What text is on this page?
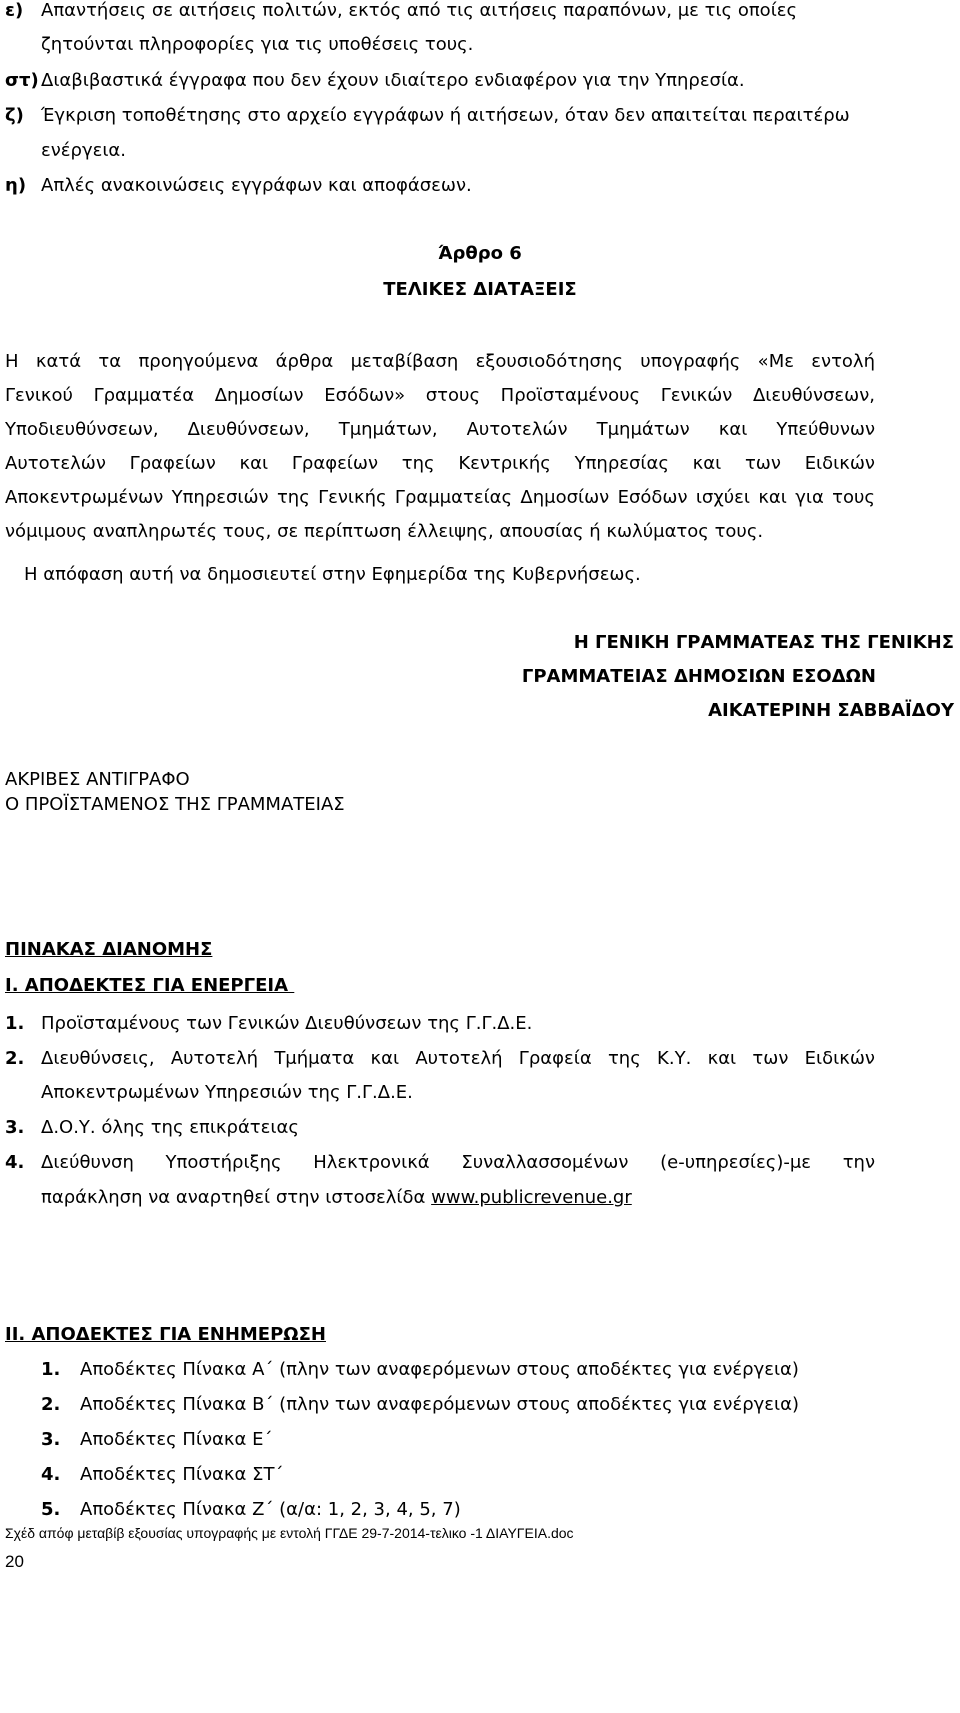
ε) Απαντήσεις σε αιτήσεις πολιτών, εκτός από τις αιτήσεις παραπόνων, με τις οποίες
ζητούνται πληροφορίες για τις υποθέσεις τους.
στ) Διαβιβαστικά έγγραφα που δεν έχουν ιδιαίτερο ενδιαφέρον για την Υπηρεσία.
ζ) Έγκριση τοποθέτησης στο αρχείο εγγράφων ή αιτήσεων, όταν δεν απαιτείται περαιτέρω
ενέργεια.
η) Απλές ανακοινώσεις εγγράφων και αποφάσεων.
Άρθρο 6
ΤΕΛΙΚΕΣ ΔΙΑΤΑΞΕΙΣ
Η κατά τα προηγούμενα άρθρα μεταβίβαση εξουσιοδότησης υπογραφής «Με εντολή
Γενικού Γραμματέα Δημοσίων Εσόδων» στους Προϊσταμένους Γενικών Διευθύνσεων,
Υποδιευθύνσεων, Διευθύνσεων, Τμημάτων, Αυτοτελών Τμημάτων και Υπεύθυνων
Αυτοτελών Γραφείων και Γραφείων της Κεντρικής Υπηρεσίας και των Ειδικών
Αποκεντρωμένων Υπηρεσιών της Γενικής Γραμματείας Δημοσίων Εσόδων ισχύει και για τους
νόμιμους αναπληρωτές τους, σε περίπτωση έλλειψης, απουσίας ή κωλύματος τους.
Η απόφαση αυτή να δημοσιευτεί στην Εφημερίδα της Κυβερνήσεως.
Η ΓΕΝΙΚΗ ΓΡΑΜΜΑΤΕΑΣ ΤΗΣ ΓΕΝΙΚΗΣ
ΓΡΑΜΜΑΤΕΙΑΣ ΔΗΜΟΣΙΩΝ ΕΣΟΔΩΝ
ΑΙΚΑΤΕΡΙΝΗ ΣΑΒΒΑΪΔΟΥ
ΑΚΡΙΒΕΣ ΑΝΤΙΓΡΑΦΟ
Ο ΠΡΟΪΣΤΑΜΕΝΟΣ ΤΗΣ ΓΡΑΜΜΑΤΕΙΑΣ
ΠΙΝΑΚΑΣ ΔΙΑΝΟΜΗΣ
Ι. ΑΠΟΔΕΚΤΕΣ ΓΙΑ ΕΝΕΡΓΕΙΑ
1. Προϊσταμένους των Γενικών Διευθύνσεων της Γ.Γ.Δ.Ε.
2. Διευθύνσεις, Αυτοτελή Τμήματα και Αυτοτελή Γραφεία της Κ.Υ. και των Ειδικών
Αποκεντρωμένων Υπηρεσιών της Γ.Γ.Δ.Ε.
3. Δ.Ο.Υ. όλης της επικράτειας
4. Διεύθυνση Υποστήριξης Ηλεκτρονικά Συναλλασσομένων (e-υπηρεσίες)-με την
παράκληση να αναρτηθεί στην ιστοσελίδα www.publicrevenue.gr
ΙΙ. ΑΠΟΔΕΚΤΕΣ ΓΙΑ ΕΝΗΜΕΡΩΣΗ
1. Αποδέκτες Πίνακα Α΄ (πλην των αναφερόμενων στους αποδέκτες για ενέργεια)
2. Αποδέκτες Πίνακα Β΄ (πλην των αναφερόμενων στους αποδέκτες για ενέργεια)
3. Αποδέκτες Πίνακα Ε΄
4. Αποδέκτες Πίνακα ΣΤ΄
5. Αποδέκτες Πίνακα Ζ΄ (α/α: 1, 2, 3, 4, 5, 7)
Σχέδ απόφ μεταβίβ εξουσίας υπογραφής με εντολή ΓΓΔΕ 29-7-2014-τελικο -1 ΔΙΑΥΓΕΙΑ.doc
20
